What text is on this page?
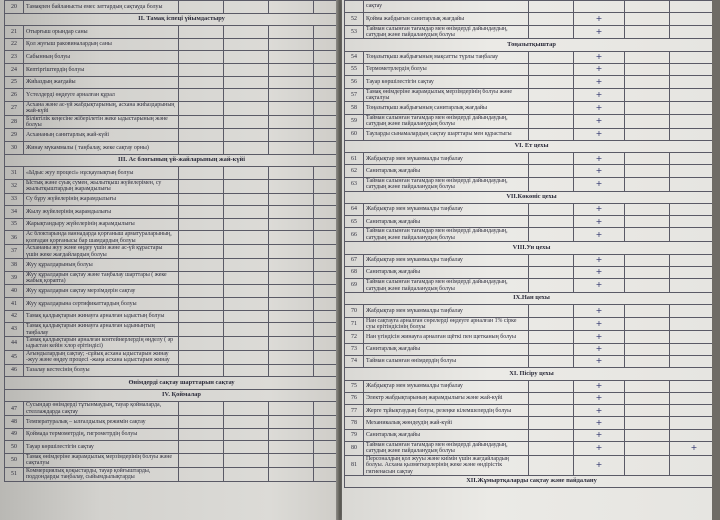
20	Тамақпен байланысты емес заттардың сақтауда болуы				
II. Тамақ іспеці үйымдастыру					
21	Отырғыш орындар саны				
22	Қол жуғыш раковиналардың саны				
23	Сабынның болуы				
24	Кептіргіштердің болуы				
25	Жиһаздың жағдайы				
26	Үстелдерді өңдеуге арналған құрал				
27	Асхана және ас-үй жабдықтарының, асхана жиһаздарының жай-күйі				
28	Біліктілік кеңесіне жіберілетін жеке ыдыстарының және болуы				
29	Асхананың санитарлық жай-күйі				
30	Жинау мүкаммалы ( таңбалау, жеке сақтау орны)				
III. Ас блогының үй-жайларының жай-күйі					
31	«Ыдыс жуу процесі» нұсқаулықтың болуы				
32	Ыстық және суық сумен, жылытқыш жүйелерімен, су жылытқыштардың жарамдылығы				
33	Су бұру жүйелерінің жарамдылығы				
34	Жылу жүйелерінің жарамдылығы				
35	Жарықтандыру жүйелерінің жарамдылығы				
36	Ас блоктарында ваннадарда қорғаныш арматураларының, қолғадан қорғанысы бар шамдардың болуы				
37	Асхананы жуу және өңдеу үшін және ас-үй құрастары үшін жеке жағдайлардың болуы				
38	Жуу құралдарының болуы				
39	Жуу құралдарын сақтау және таңбалау шарттары ( жеке жабық қорапта)				
40	Жуу құралдарын сақтау мерзімдерін сақтау				
41	Жуу құралдарына сертификаттардың болуы				
42	Тамақ қалдықтарын жинауға арналған ыдыстың болуы				
43	Тамақ қалдықтарын жинауға арналған ыдыныңтың таңбалау				
44	Тамақ қалдықтарын арналған контейнерлердің өңделу ( әр ыдыстан кейін хлор ерітіндісі)				
45	Ағындылардың сақтау; -сұйық асхана ыдыстарын жинау -жуу және өңдеу процесі -жаңа асхана ыдыстарын жинау				
46	Тазалау кестесінің болуы				
Өнімдерді сақтау шарттарын сақтау					
IV. Қоймалар					
47	Сусындар өнімдерді тұтынмаудың, тауар қоймаларда, стеллаждарда сақтау				
48	Температуралық – ылғалдылық режимін сақтау				
49	Қоймада термометрдің, гигрометрдің болуы				
50	Тауар көршілестігін сақтау				
50	Тамақ өнімдеріне жарамдылық мерзімдерінің болуы және сақталуы				
51	Коммерциялық қоқыстарды, тауар қойғыштарды, поддондарды таңбалау, сыйымдылықтарды				
	сақтау				
52	Қойма жабдығын санитарлық жағдайы		+		
53	Тайман салынған тағамдар мен өнімдерді дайындаудың, сатудың және пайдаланудың болуы		+		
Тоңазытқыштар					
54	Тоңазытқыш жабдығының мақсатты түрлы таңбалау		+		
55	Термометрлердің болуы		+		
56	Тауар көршілестігін сақтау		+		
57	Тамақ өнімдеріне жарамдылық мерзімдерінің болуы және сақталуы		+		
58	Тоңазытқыш жабдығының санитарлық жағдайы		+		
59	Тайман салынған тағамдар мен өнімдерді дайындаудың, сатудың және пайдаланудың болуы		+		
60	Тауларды сынамалардың сақтау шарттары мен құрастыгы		+		
VI. Ет цехы					
61	Жабдықтар мен мүкаммалды таңбалау		+		
62	Санитарлық жағдайы		+		
63	Тайман салынған тағамдар мен өнімдерді дайындаудың, сатудың және пайдаланудың болуы		+		
VII.Көкөніс цехы					
64	Жабдықтар мен мүкаммалды таңбалау		+		
65	Санитарлық жағдайы		+		
66	Тайман салынған тағамдар мен өнімдерді дайындаудың, сатудың және пайдаланудың болуы		+		
VIII.Ун цехы					
67	Жабдықтар мен мүкаммалды таңбалау		+		
68	Санитарлық жағдайы		+		
69	Тайман салынған тағамдар мен өнімдерді дайындаудың, сатудың және пайдаланудың болуы		+		
IX.Нан цехы					
70	Жабдықтар мен мүкаммалды таңбалау		+		
71	Нан сақтауға арналған сөрелерді өңдеуге арналған 1% сірке суы ерітіндісінің болуы		+		
72	Нан үгіндісін жинауға арналған щёткі пен щетканың болуы		+		
73	Санитарлық жағдайы		+		
74	Тайман салынған өнімдердің болуы		+		
XI. Пісіру цехы					
75	Жабдықтар мен мукаммалды таңбалау		+		
76	Электр жабдықтарының жарамдылығы және жай-күйі		+		
77	Жерге тұйықтаудың болуы, резеңке кілемшелердің болуы		+		
78	Механикалық жөндеудің жай-күйі		+		
79	Санитарлық жағдайы		+		
80	Тайман салынған тағамдар мен өнімдерді дайындаудың, сатудың және пайдаланудың болуы		+		+
81	Персоналдың қол жууы және киімін үшін жағдайлардың болуы. Асхана қызметкерлерінің жеке және өндірістік гигиенасын сақтау		+		
XII.Жұмыртқаларды сақтау және пайдалану					
